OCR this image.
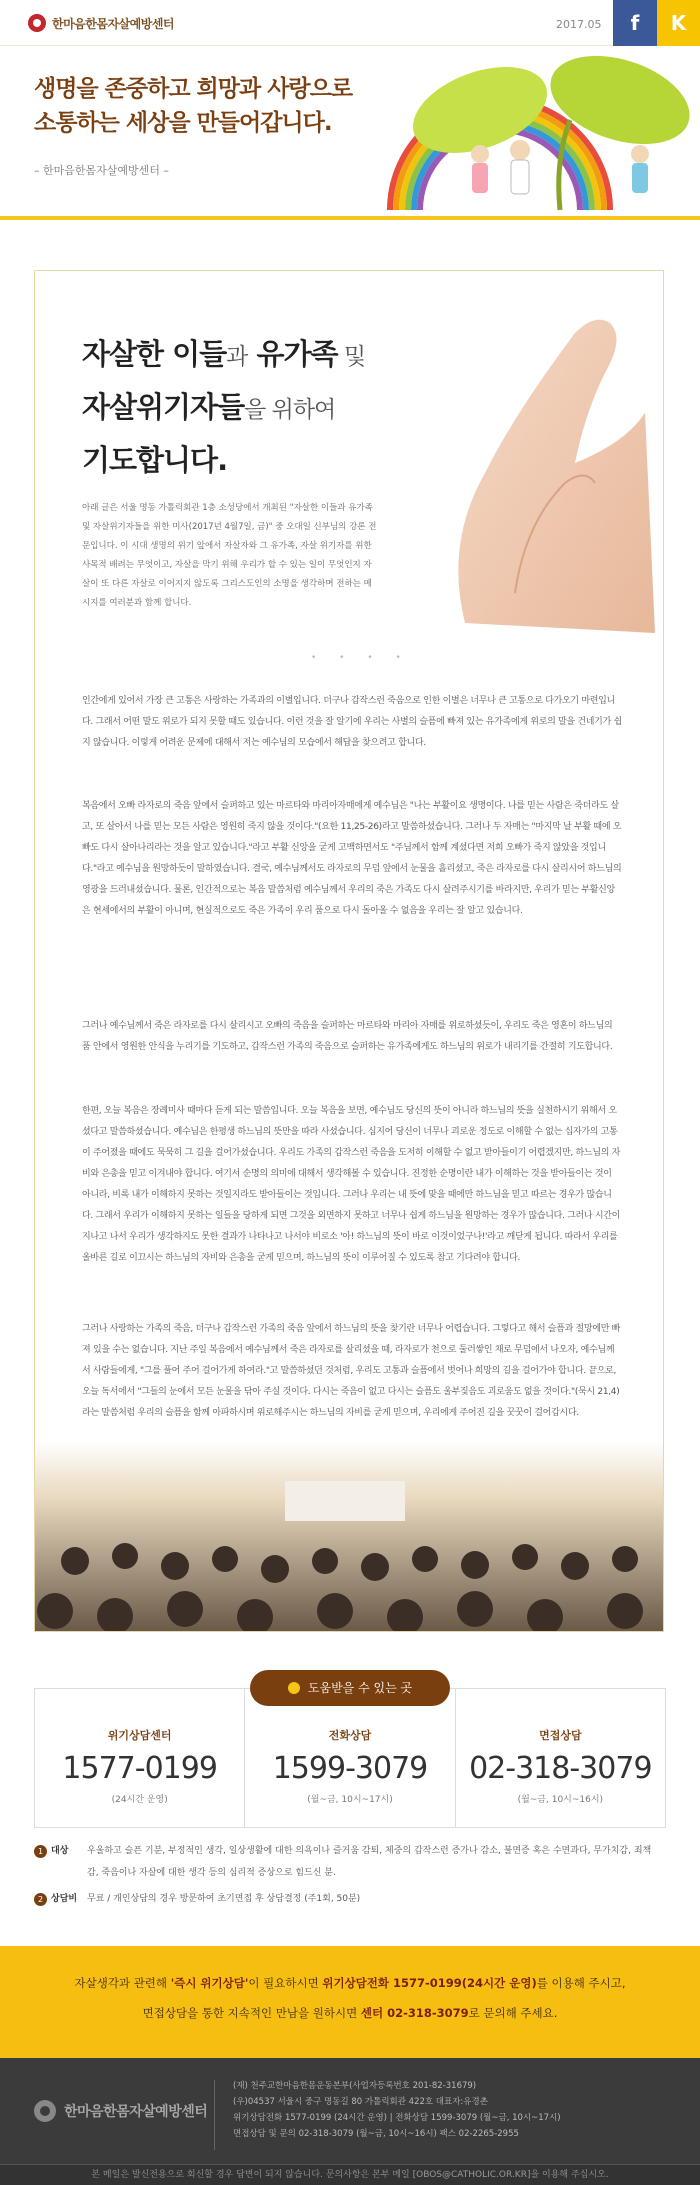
한마음한몸자살예방센터	2017.05	f	K
생명을 존중하고 희망과 사랑으로
소통하는 세상을 만들어갑니다.
– 한마음한몸자살예방센터 –
자살한 이들과 유가족 및
자살위기자들을 위하여
기도합니다.
아래 글은 서울 명동 가톨릭회관 1층 소성당에서 개최된 "자살한 이들과 유가족 및 자살위기자들을 위한 미사(2017년 4월7일, 금)" 중 오대일 신부님의 강론 전문입니다. 이 시대 생명의 위기 앞에서 자살자와 그 유가족, 자살 위기자를 위한 사목적 배려는 무엇이고, 자살을 막기 위해 우리가 할 수 있는 일이 무엇인지 자살이 또 다른 자살로 이어지지 않도록 그리스도인의 소명을 생각하며 전하는 메시지를 여러분과 함께 합니다.
• • • •

인간에게 있어서 가장 큰 고통은 사랑하는 가족과의 이별입니다. 더구나 갑작스런 죽음으로 인한 이별은 너무나 큰 고통으로 다가오기 마련입니다. 그래서 어떤 말도 위로가 되지 못할 때도 있습니다. 이런 것을 잘 알기에 우리는 사별의 슬픔에 빠져 있는 유가족에게 위로의 말을 건네기가 쉽지 않습니다. 이렇게 어려운 문제에 대해서 저는 예수님의 모습에서 해답을 찾으려고 합니다.

복음에서 오빠 라자로의 죽음 앞에서 슬퍼하고 있는 마르타와 마리아자매에게 예수님은 "나는 부활이요 생명이다. 나를 믿는 사람은 죽더라도 살고, 또 살아서 나를 믿는 모든 사람은 영원히 죽지 않을 것이다."(요한 11,25-26)라고 말씀하셨습니다. 그러나 두 자매는 "마지막 날 부활 때에 오빠도 다시 살아나리라는 것을 알고 있습니다."라고 부활 신앙을 굳게 고백하면서도 "주님께서 함께 계셨다면 저희 오빠가 죽지 않았을 것입니다."라고 예수님을 원망하듯이 말하였습니다. 결국, 예수님께서도 라자로의 무덤 앞에서 눈물을 흘리셨고, 죽은 라자로를 다시 살리시어 하느님의 영광을 드러내셨습니다. 물론, 인간적으로는 복음 말씀처럼 예수님께서 우리의 죽은 가족도 다시 살려주시기를 바라지만, 우리가 믿는 부활신앙은 현세에서의 부활이 아니며, 현실적으로도 죽은 가족이 우리 품으로 다시 돌아올 수 없음을 우리는 잘 알고 있습니다.

그러나 예수님께서 죽은 라자로를 다시 살리시고 오빠의 죽음을 슬퍼하는 마르타와 마리아 자매를 위로하셨듯이, 우리도 죽은 영혼이 하느님의 품 안에서 영원한 안식을 누리기를 기도하고, 갑작스런 가족의 죽음으로 슬퍼하는 유가족에게도 하느님의 위로가 내리기를 간절히 기도합니다.

한편, 오늘 복음은 장례미사 때마다 듣게 되는 말씀입니다. 오늘 복음을 보면, 예수님도 당신의 뜻이 아니라 하느님의 뜻을 실천하시기 위해서 오셨다고 말씀하셨습니다. 예수님은 한평생 하느님의 뜻만을 따라 사셨습니다. 심지어 당신이 너무나 괴로운 정도로 이해할 수 없는 십자가의 고통이 주어졌을 때에도 묵묵히 그 길을 걸어가셨습니다. 우리도 가족의 갑작스런 죽음을 도저히 이해할 수 없고 받아들이기 어렵겠지만, 하느님의 자비와 은총을 믿고 이겨내야 합니다. 여기서 순명의 의미에 대해서 생각해볼 수 있습니다. 진정한 순명이란 내가 이해하는 것을 받아들이는 것이 아니라, 비록 내가 이해하지 못하는 것일지라도 받아들이는 것입니다. 그러나 우리는 내 뜻에 맞을 때에만 하느님을 믿고 따르는 경우가 많습니다. 그래서 우리가 이해하지 못하는 일들을 당하게 되면 그것을 외면하지 못하고 너무나 쉽게 하느님을 원망하는 경우가 많습니다. 그러나 시간이 지나고 나서 우리가 생각하지도 못한 결과가 나타나고 나서야 비로소 '아! 하느님의 뜻이 바로 이것이었구나!'라고 깨닫게 됩니다. 따라서 우리를 올바른 길로 이끄시는 하느님의 자비와 은총을 굳게 믿으며, 하느님의 뜻이 이루어질 수 있도록 참고 기다려야 합니다.

그러나 사랑하는 가족의 죽음, 더구나 갑작스런 가족의 죽음 앞에서 하느님의 뜻을 찾기란 너무나 어렵습니다. 그렇다고 해서 슬픔과 절망에만 빠져 있을 수는 없습니다. 지난 주일 복음에서 예수님께서 죽은 라자로를 살리셨을 때, 라자로가 천으로 둘러쌓인 채로 무덤에서 나오자, 예수님께서 사람들에게, "그를 풀어 주어 걸어가게 하여라."고 말씀하셨던 것처럼, 우리도 고통과 슬픔에서 벗어나 희망의 길을 걸어가야 합니다. 끝으로, 오늘 독서에서 "그들의 눈에서 모든 눈물을 닦아 주실 것이다. 다시는 죽음이 없고 다시는 슬픔도 울부짖음도 괴로움도 없을 것이다."(묵시 21,4)라는 말씀처럼 우리의 슬픔을 함께 아파하시며 위로해주시는 하느님의 자비를 굳게 믿으며, 우리에게 주어진 길을 꿋꿋이 걸어갑시다.

위기상담센터
1577-0199
(24시간 운영)
전화상담
1599-3079
(월~금, 10시~17시)
면접상담
02-318-3079
(월~금, 10시~16시)
도움받을 수 있는 곳
1 대상 우울하고 슬픈 기분, 부정적인 생각, 일상생활에 대한 의욕이나 즐거움 감퇴, 체중의 갑작스런 증가나 감소, 불면증 혹은 수면과다, 무가치감, 죄책감, 죽음이나 자살에 대한 생각 등의 심리적 증상으로 힘드신 분.
2 상담비 무료 / 개인상담의 경우 방문하여 초기면접 후 상담결정 (주1회, 50분)

자살생각과 관련해 '즉시 위기상담'이 필요하시면 위기상담전화 1577-0199(24시간 운영)를 이용해 주시고,

면접상담을 통한 지속적인 만남을 원하시면 센터 02-318-3079로 문의해 주세요.

한마음한몸자살예방센터
(재) 천주교한마음한몸운동본부(사업자등록번호 201-82-31679)
(우)04537 서울시 중구 명동길 80 가톨릭회관 422호 대표자:유경촌
위기상담전화 1577-0199 (24시간 운영) | 전화상담 1599-3079 (월~금, 10시~17시)
면접상담 및 문의 02-318-3079 (월~금, 10시~16시) 팩스 02-2265-2955
본 메일은 발신전용으로 회신할 경우 답변이 되지 않습니다. 문의사항은 본부 메일 [OBOS@CATHOLIC.OR.KR]을 이용해 주십시오.
